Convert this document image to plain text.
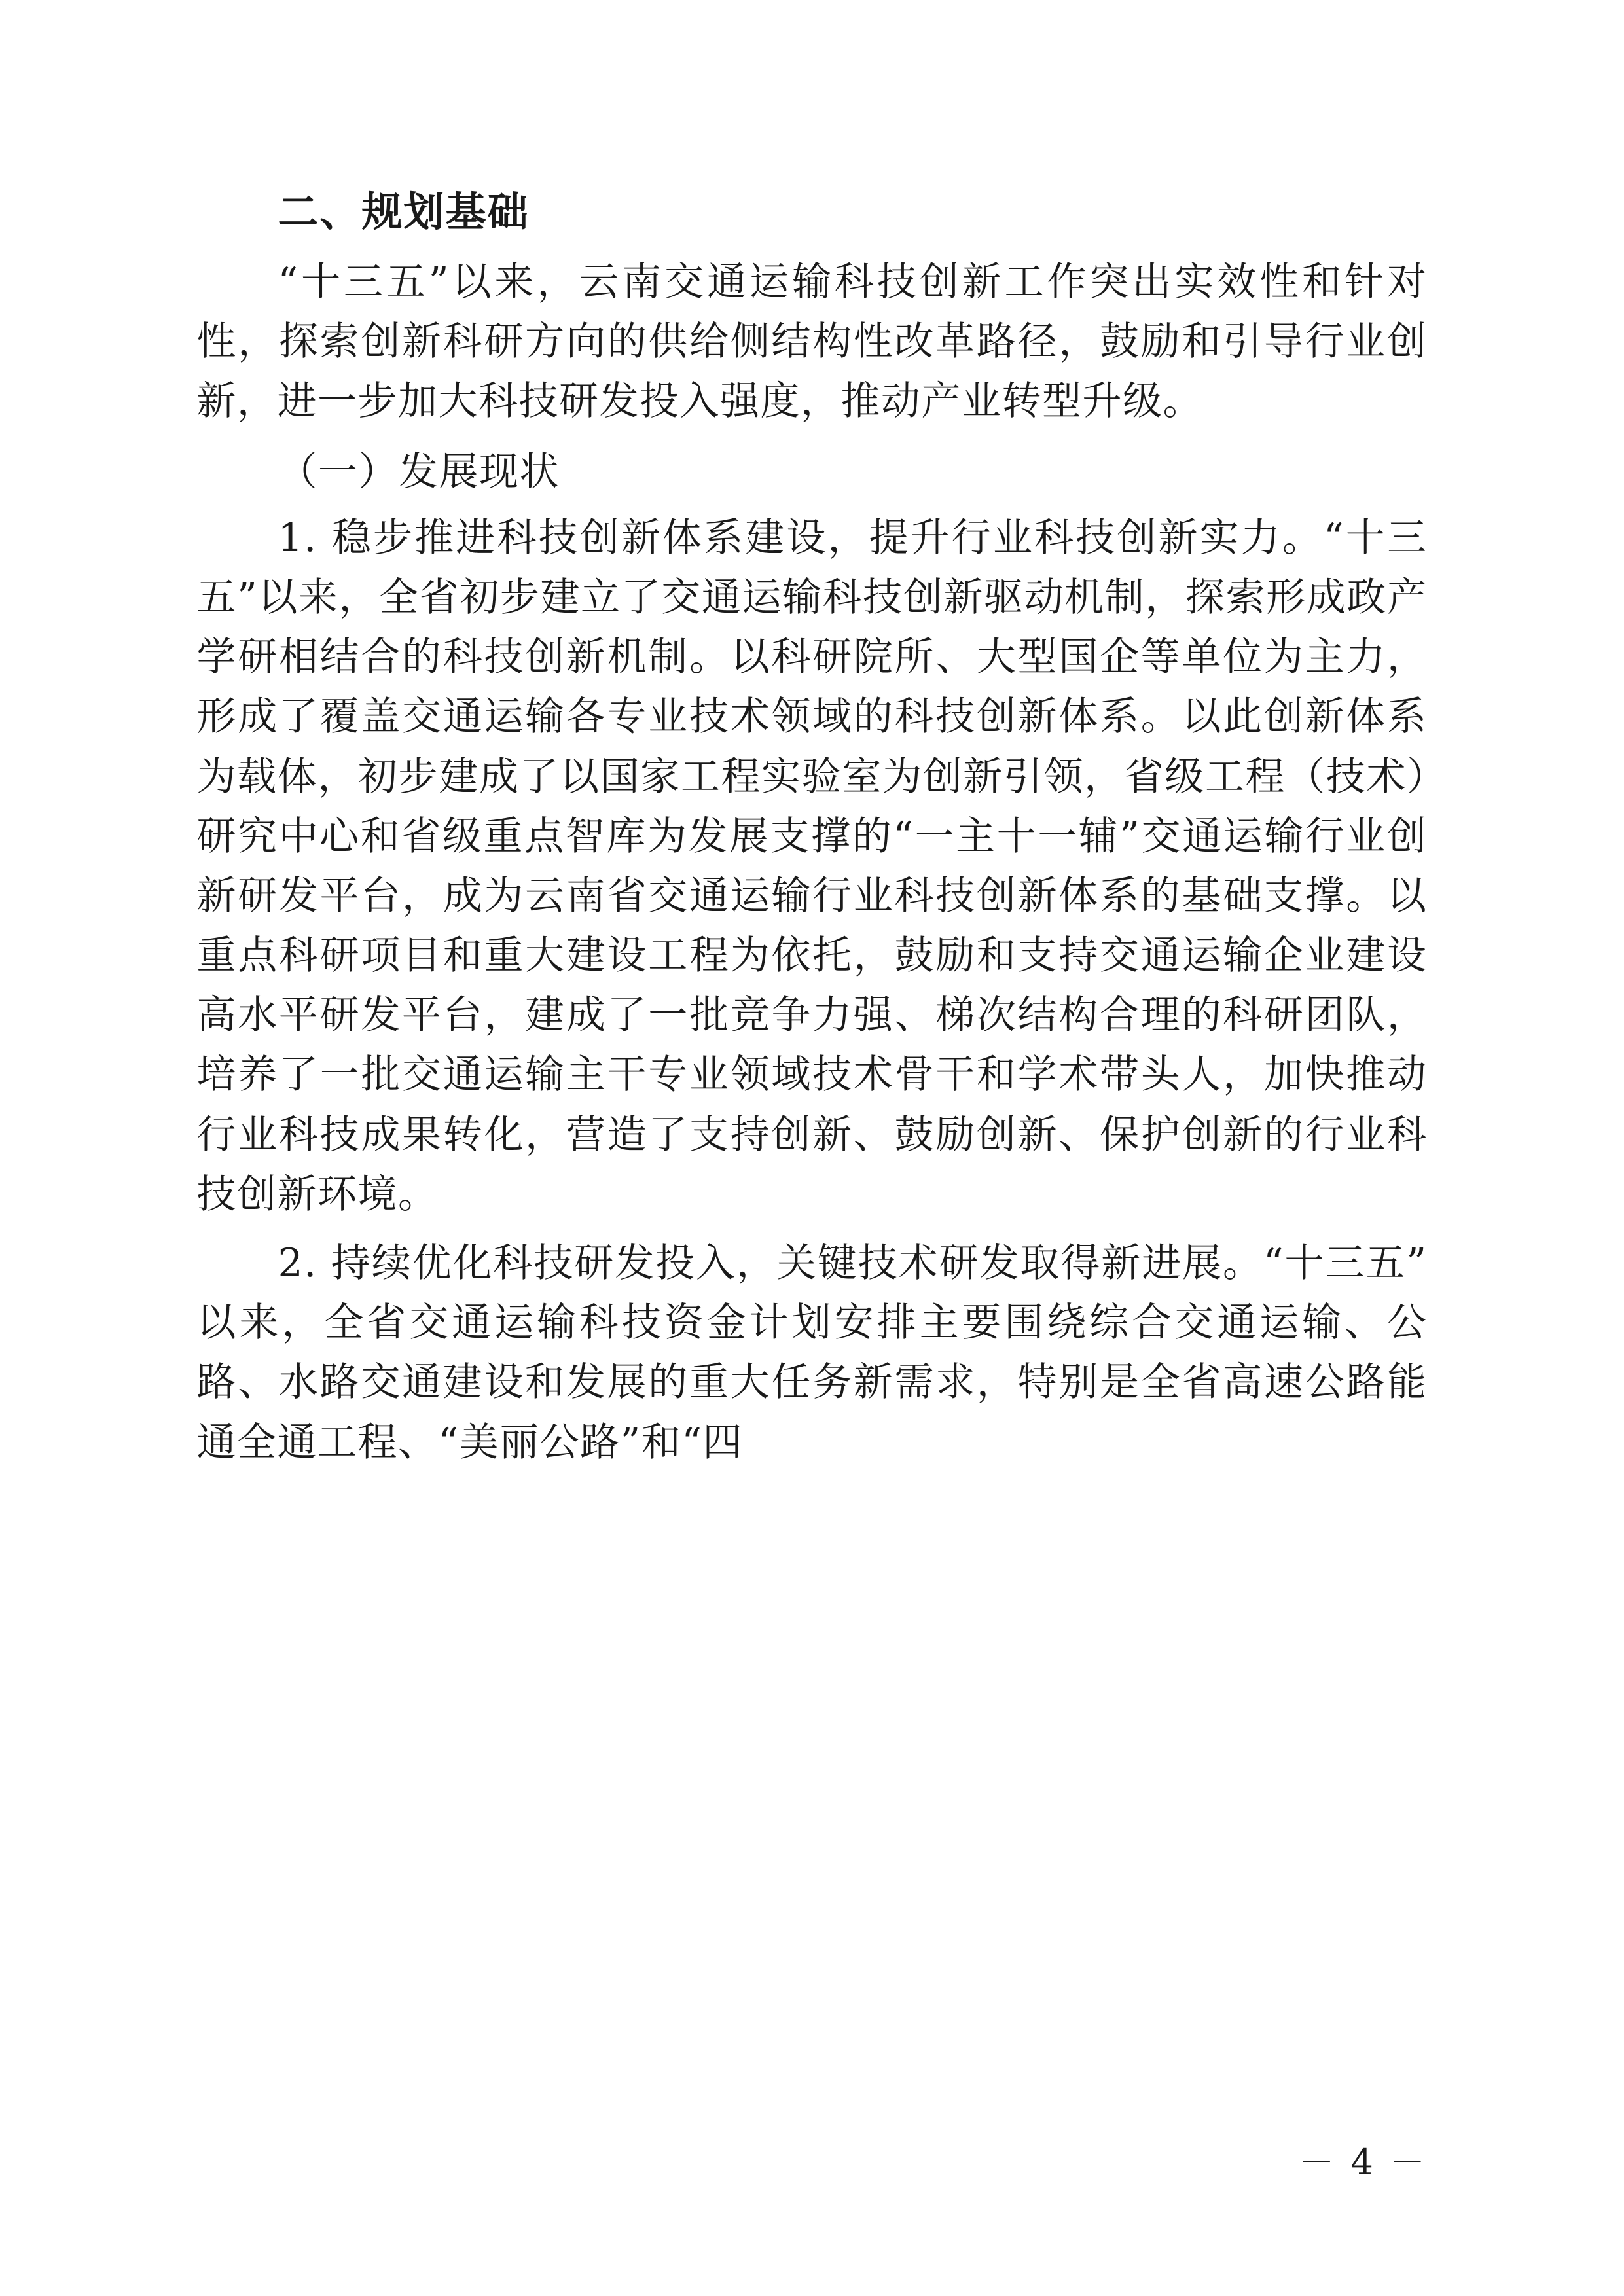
二、规划基础

“十三五”以来，云南交通运输科技创新工作突出实效性和针对性，探索创新科研方向的供给侧结构性改革路径，鼓励和引导行业创新，进一步加大科技研发投入强度，推动产业转型升级。

（一）发展现状

1. 稳步推进科技创新体系建设，提升行业科技创新实力。“十三五”以来，全省初步建立了交通运输科技创新驱动机制，探索形成政产学研相结合的科技创新机制。以科研院所、大型国企等单位为主力，形成了覆盖交通运输各专业技术领域的科技创新体系。以此创新体系为载体，初步建成了以国家工程实验室为创新引领，省级工程（技术）研究中心和省级重点智库为发展支撑的“一主十一辅”交通运输行业创新研发平台，成为云南省交通运输行业科技创新体系的基础支撑。以重点科研项目和重大建设工程为依托，鼓励和支持交通运输企业建设高水平研发平台，建成了一批竞争力强、梯次结构合理的科研团队，培养了一批交通运输主干专业领域技术骨干和学术带头人，加快推动行业科技成果转化，营造了支持创新、鼓励创新、保护创新的行业科技创新环境。

2. 持续优化科技研发投入，关键技术研发取得新进展。“十三五”以来，全省交通运输科技资金计划安排主要围绕综合交通运输、公路、水路交通建设和发展的重大任务新需求，特别是全省高速公路能通全通工程、“美丽公路”和“四

－ 4 －
